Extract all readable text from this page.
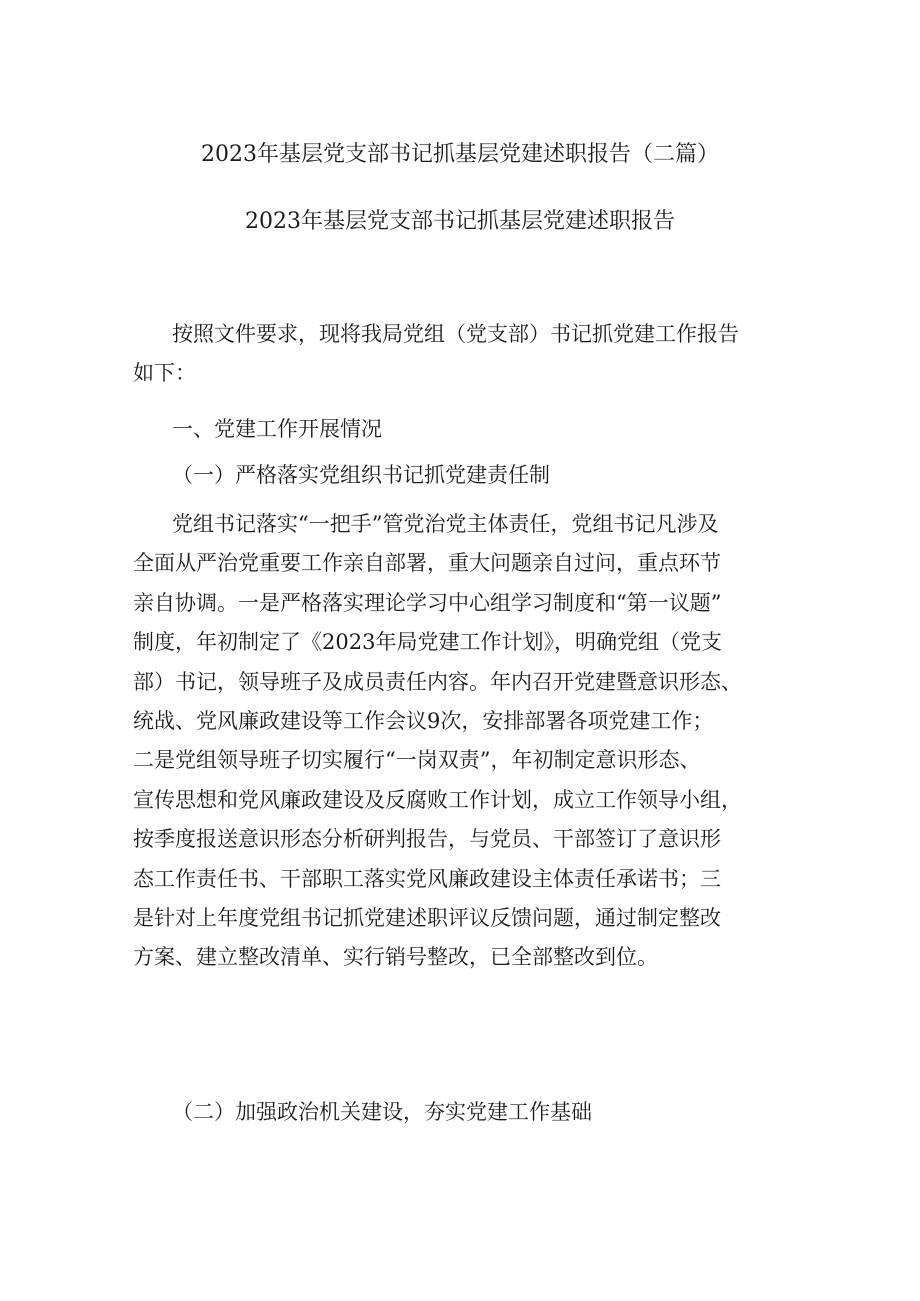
2023年基层党支部书记抓基层党建述职报告（二篇）
2023年基层党支部书记抓基层党建述职报告
按照文件要求，现将我局党组（党支部）书记抓党建工作报告
如下：
一、党建工作开展情况
（一）严格落实党组织书记抓党建责任制
党组书记落实“一把手”管党治党主体责任，党组书记凡涉及
全面从严治党重要工作亲自部署，重大问题亲自过问，重点环节
亲自协调。一是严格落实理论学习中心组学习制度和“第一议题”
制度，年初制定了《2023年局党建工作计划》，明确党组（党支
部）书记，领导班子及成员责任内容。年内召开党建暨意识形态、
统战、党风廉政建设等工作会议9次，安排部署各项党建工作；
二是党组领导班子切实履行“一岗双责”，年初制定意识形态、
宣传思想和党风廉政建设及反腐败工作计划，成立工作领导小组，
按季度报送意识形态分析研判报告，与党员、干部签订了意识形
态工作责任书、干部职工落实党风廉政建设主体责任承诺书；三
是针对上年度党组书记抓党建述职评议反馈问题，通过制定整改
方案、建立整改清单、实行销号整改，已全部整改到位。
（二）加强政治机关建设，夯实党建工作基础
